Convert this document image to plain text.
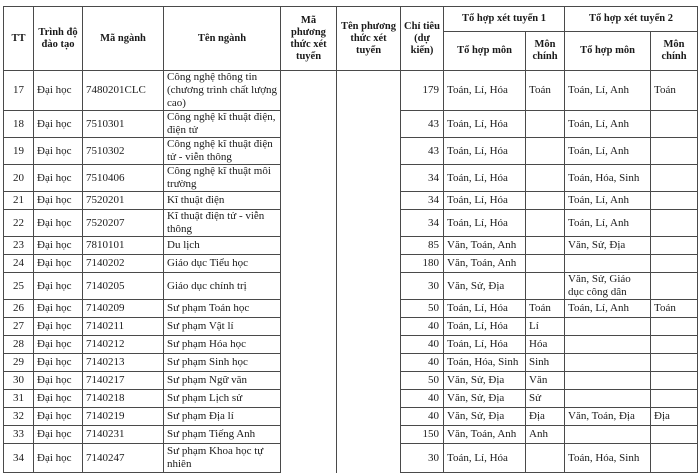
TT	Trình độ đào tạo	Mã ngành	Tên ngành	Mã phương thức xét tuyển	Tên phương thức xét tuyển	Chỉ tiêu (dự kiến)	Tổ hợp xét tuyển 1		Tổ hợp xét tuyển 2	
							Tổ hợp môn	Môn chính	Tổ hợp môn	Môn chính
17	Đại học	7480201CLC	Công nghệ thông tin (chương trình chất lượng cao)			179	Toán, Lí, Hóa	Toán	Toán, Lí, Anh	Toán
18	Đại học	7510301	Công nghệ kĩ thuật điện, điện tử			43	Toán, Lí, Hóa		Toán, Lí, Anh	
19	Đại học	7510302	Công nghệ kĩ thuật điện tử - viễn thông			43	Toán, Lí, Hóa		Toán, Lí, Anh	
20	Đại học	7510406	Công nghệ kĩ thuật môi trường			34	Toán, Lí, Hóa		Toán, Hóa, Sinh	
21	Đại học	7520201	Kĩ thuật điện			34	Toán, Lí, Hóa		Toán, Lí, Anh	
22	Đại học	7520207	Kĩ thuật điện tử - viễn thông			34	Toán, Lí, Hóa		Toán, Lí, Anh	
23	Đại học	7810101	Du lịch			85	Văn, Toán, Anh		Văn, Sử, Địa	
24	Đại học	7140202	Giáo dục Tiểu học			180	Văn, Toán, Anh			
25	Đại học	7140205	Giáo dục chính trị			30	Văn, Sử, Địa		Văn, Sử, Giáo dục công dân	
26	Đại học	7140209	Sư phạm Toán học			50	Toán, Lí, Hóa	Toán	Toán, Lí, Anh	Toán
27	Đại học	7140211	Sư phạm Vật lí			40	Toán, Lí, Hóa	Lí		
28	Đại học	7140212	Sư phạm Hóa học			40	Toán, Lí, Hóa	Hóa		
29	Đại học	7140213	Sư phạm Sinh học			40	Toán, Hóa, Sinh	Sinh		
30	Đại học	7140217	Sư phạm Ngữ văn			50	Văn, Sử, Địa	Văn		
31	Đại học	7140218	Sư phạm Lịch sử			40	Văn, Sử, Địa	Sử		
32	Đại học	7140219	Sư phạm Địa lí			40	Văn, Sử, Địa	Địa	Văn, Toán, Địa	Địa
33	Đại học	7140231	Sư phạm Tiếng Anh			150	Văn, Toán, Anh	Anh		
34	Đại học	7140247	Sư phạm Khoa học tự nhiên			30	Toán, Lí, Hóa		Toán, Hóa, Sinh	
